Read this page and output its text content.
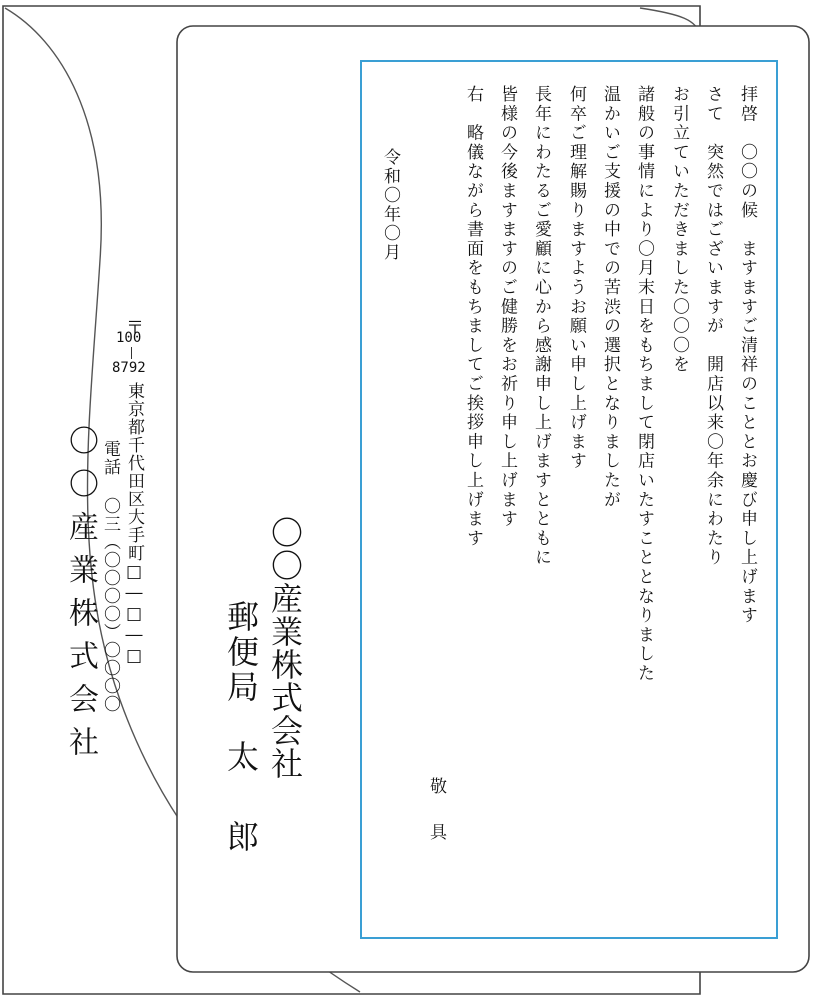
〒
100
8792
東京都千代田区大手町□―□―□
電話 〇三（〇〇〇〇）〇〇〇〇
〇〇産業株式会社	〇〇産業株式会社
郵便局
太郎

拝啓　〇〇の候　ますますご清祥のこととお慶び申し上げます

さて　突然ではございますが　開店以来〇年余にわたり

お引立ていただきました〇〇〇を

諸般の事情により〇月末日をもちまして閉店いたすこととなりました

温かいご支援の中での苦渋の選択となりましたが

何卒ご理解賜りますようお願い申し上げます

長年にわたるご愛顧に心から感謝申し上げますとともに

皆様の今後ますますのご健勝をお祈り申し上げます

右　略儀ながら書面をもちましてご挨拶申し上げます

敬
具
令和〇年〇月
